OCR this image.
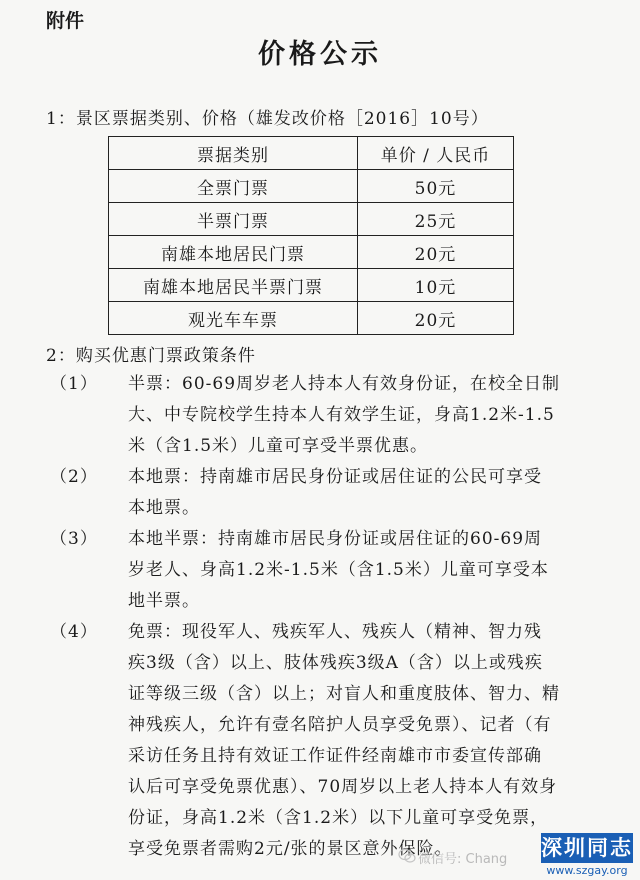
附件
价格公示
1：景区票据类别、价格（雄发改价格［2016］10号）
票据类别	单价 / 人民币
全票门票	50元
半票门票	25元
南雄本地居民门票	20元
南雄本地居民半票门票	10元
观光车车票	20元
2：购买优惠门票政策条件
（1）	半票：60-69周岁老人持本人有效身份证，在校全日制
大、中专院校学生持本人有效学生证，身高1.2米-1.5
米（含1.5米）儿童可享受半票优惠。
（2）	本地票：持南雄市居民身份证或居住证的公民可享受
本地票。
（3）	本地半票：持南雄市居民身份证或居住证的60-69周
岁老人、身高1.2米-1.5米（含1.5米）儿童可享受本
地半票。
（4）	免票：现役军人、残疾军人、残疾人（精神、智力残
疾3级（含）以上、肢体残疾3级A（含）以上或残疾
证等级三级（含）以上；对盲人和重度肢体、智力、精
神残疾人，允许有壹名陪护人员享受免票）、记者（有
采访任务且持有效证工作证件经南雄市市委宣传部确
认后可享受免票优惠）、70周岁以上老人持本人有效身
份证，身高1.2米（含1.2米）以下儿童可享受免票，
享受免票者需购2元/张的景区意外保险。
微信号: Chang 深圳同志
www.szgay.org
